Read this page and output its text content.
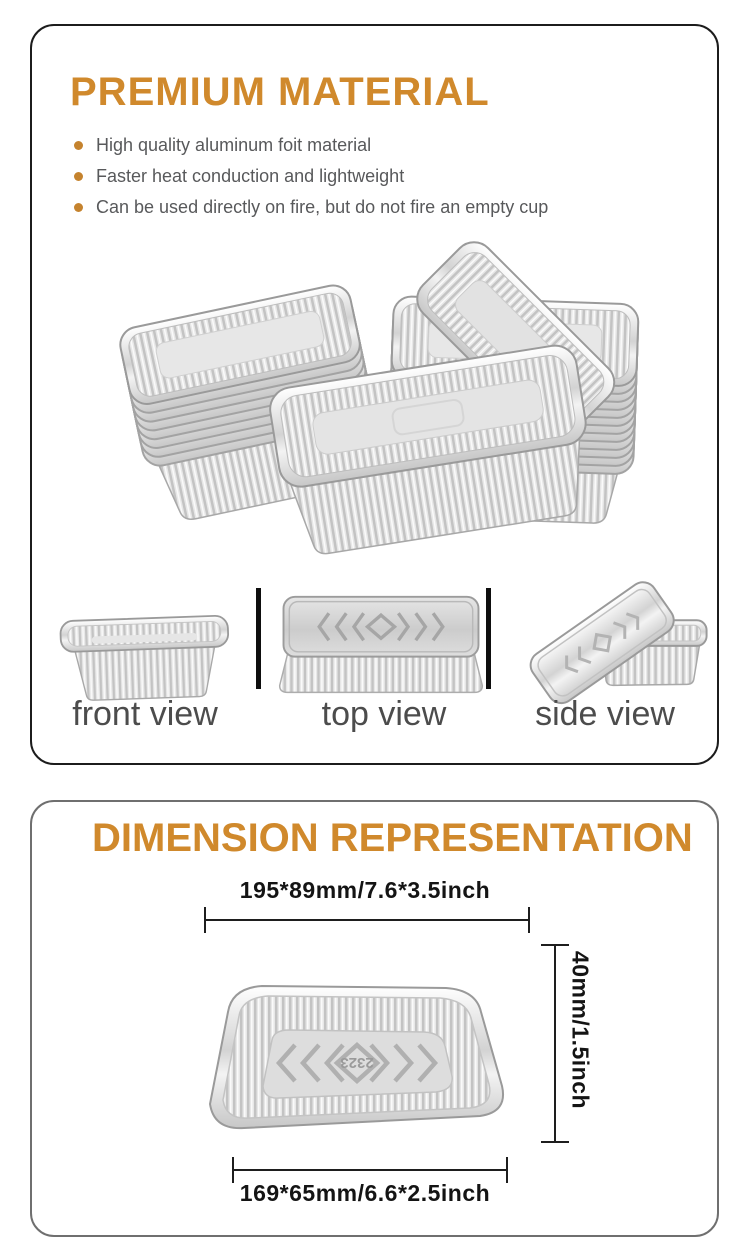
PREMIUM MATERIAL
High quality aluminum foit material
Faster heat conduction and lightweight
Can be used directly on fire, but do not fire an empty cup
front view	top view	side view
DIMENSION REPRESENTATION
195*89mm/7.6*3.5inch
40mm/1.5inch
2323
169*65mm/6.6*2.5inch
